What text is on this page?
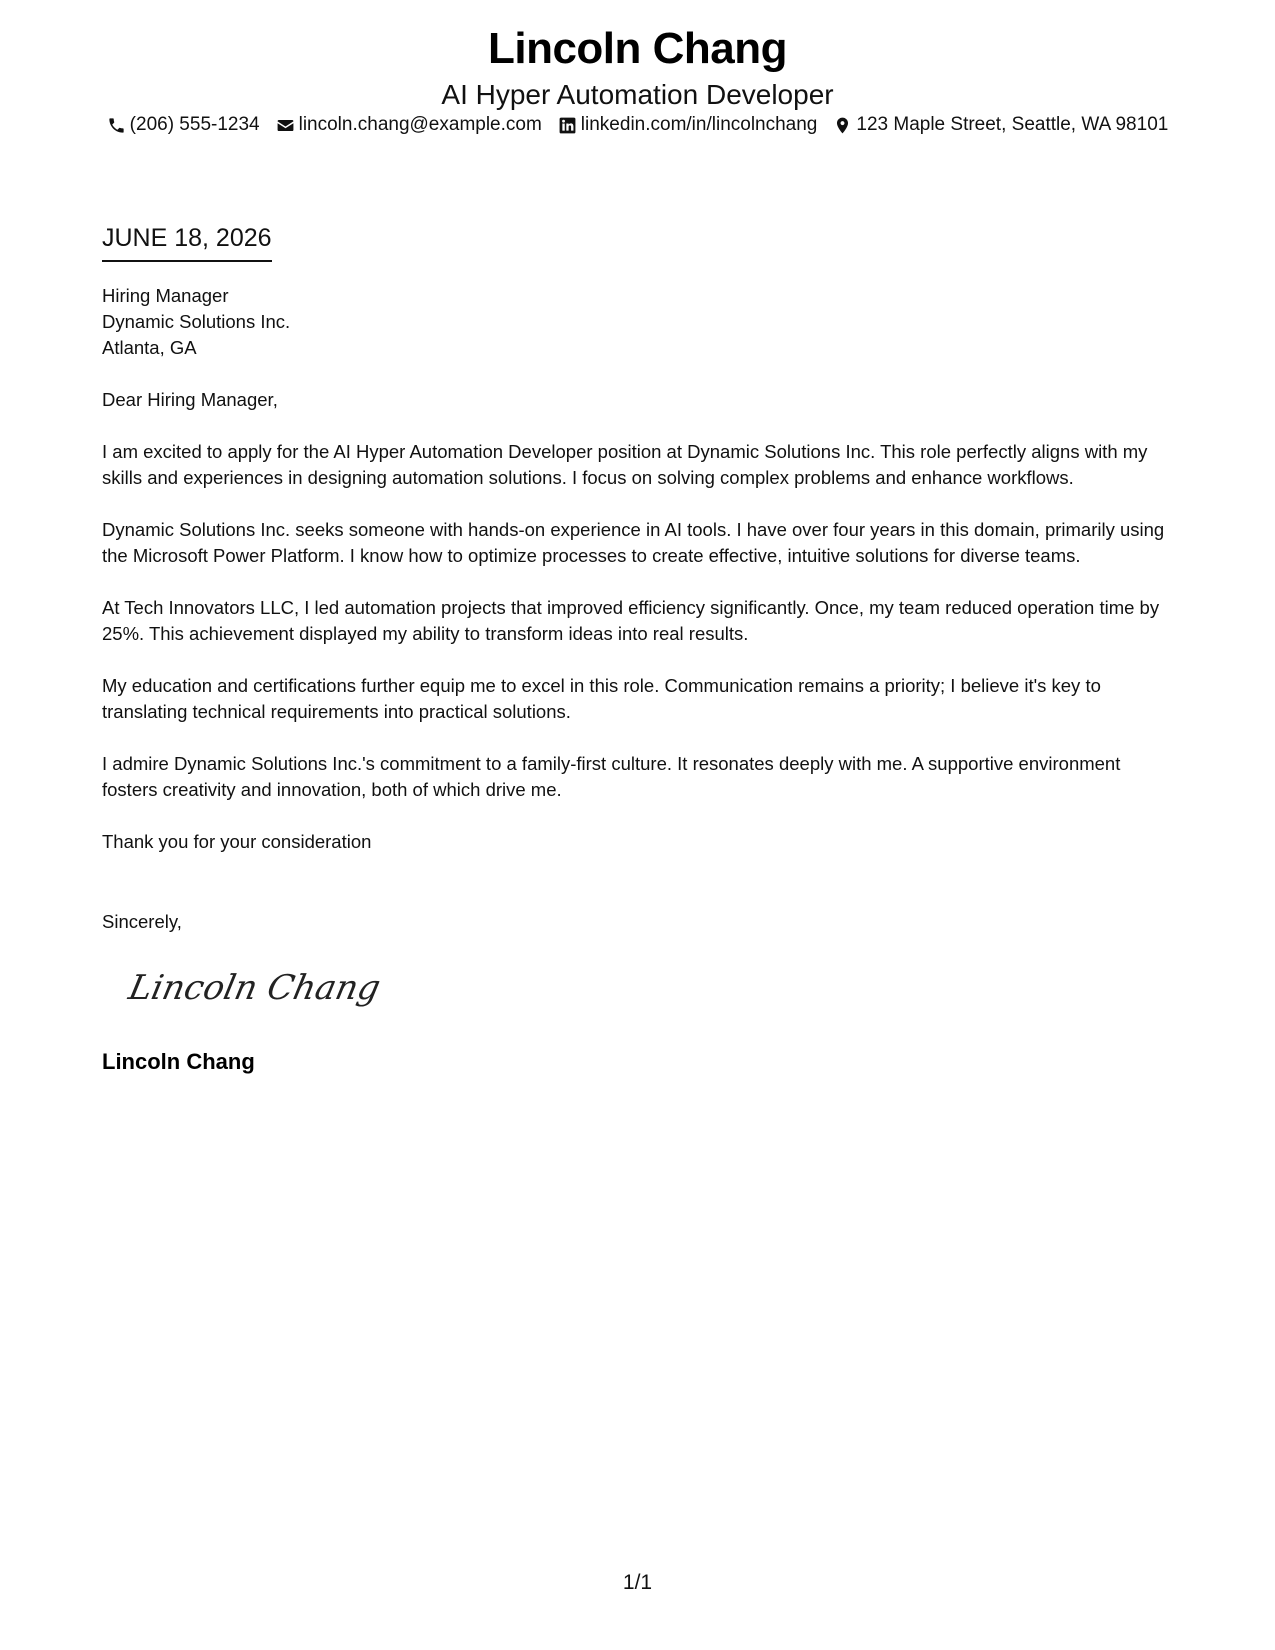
Lincoln Chang
AI Hyper Automation Developer
(206) 555-1234 lincoln.chang@example.com linkedin.com/in/lincolnchang 123 Maple Street, Seattle, WA 98101
JUNE 18, 2026
Hiring Manager
Dynamic Solutions Inc.
Atlanta, GA

Dear Hiring Manager,

I am excited to apply for the AI Hyper Automation Developer position at Dynamic Solutions Inc. This role perfectly aligns with my skills and experiences in designing automation solutions. I focus on solving complex problems and enhance workflows.

Dynamic Solutions Inc. seeks someone with hands-on experience in AI tools. I have over four years in this domain, primarily using the Microsoft Power Platform. I know how to optimize processes to create effective, intuitive solutions for diverse teams.

At Tech Innovators LLC, I led automation projects that improved efficiency significantly. Once, my team reduced operation time by 25%. This achievement displayed my ability to transform ideas into real results.

My education and certifications further equip me to excel in this role. Communication remains a priority; I believe it's key to translating technical requirements into practical solutions.

I admire Dynamic Solutions Inc.'s commitment to a family-first culture. It resonates deeply with me. A supportive environment fosters creativity and innovation, both of which drive me.

Thank you for your consideration

Sincerely,
Lincoln Chang
Lincoln Chang
1/1
